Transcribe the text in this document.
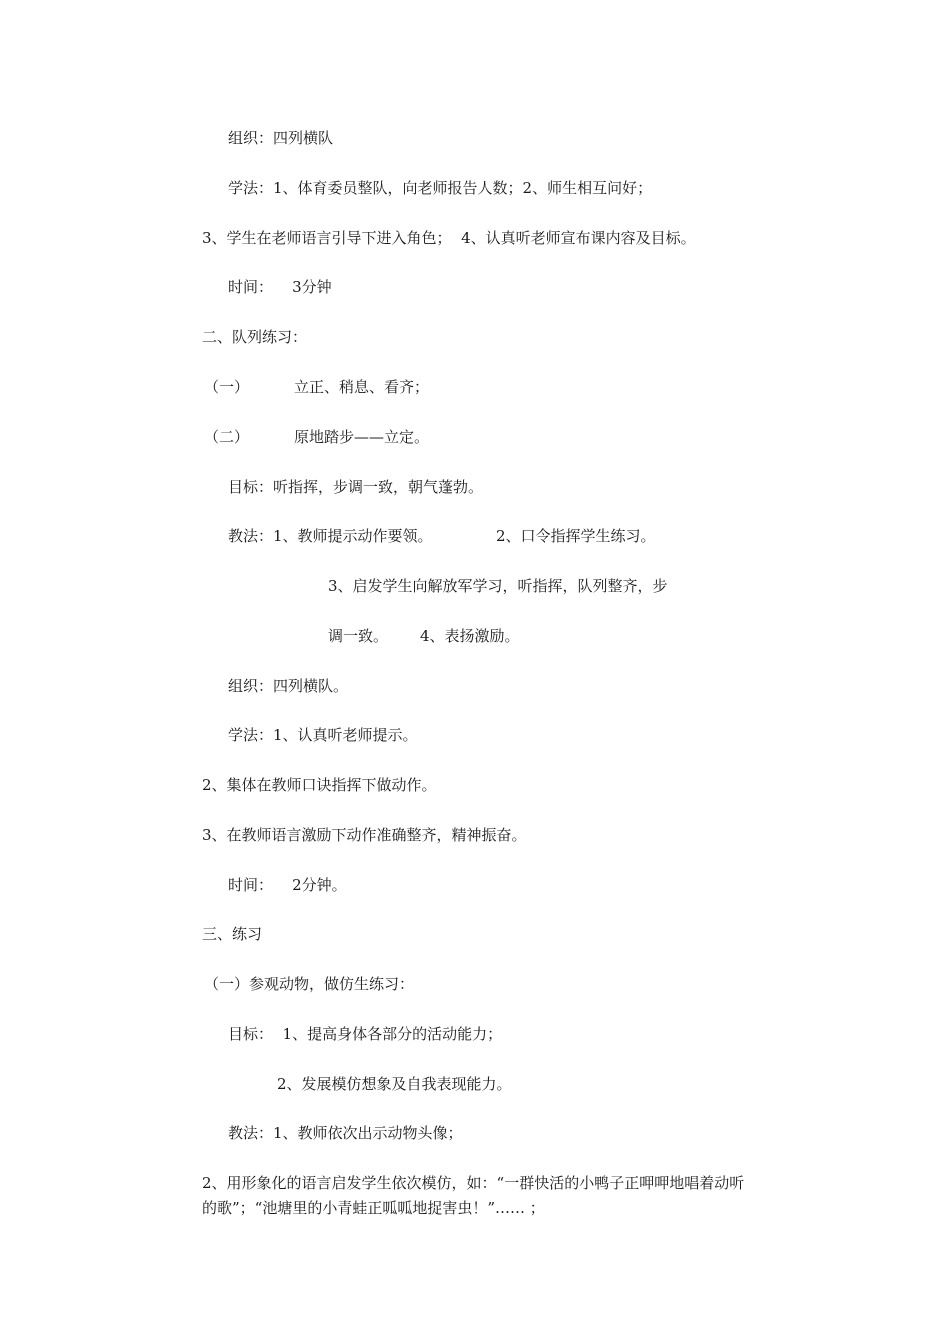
组织：四列横队
学法：1、体育委员整队，向老师报告人数；2、师生相互问好；
3、学生在老师语言引导下进入角色；  4、认真听老师宣布课内容及目标。
时间：    3分钟
二、队列练习：
（一）	立正、稍息、看齐；
（二）	原地踏步——立定。
目标：听指挥，步调一致，朝气蓬勃。
教法：1、教师提示动作要领。	2、口令指挥学生练习。
3、启发学生向解放军学习，听指挥，队列整齐，步
调一致。 4、表扬激励。
组织：四列横队。
学法：1、认真听老师提示。
2、集体在教师口诀指挥下做动作。
3、在教师语言激励下动作准确整齐，精神振奋。
时间：    2分钟。
三、练习
（一）参观动物，做仿生练习：
目标：  1、提高身体各部分的活动能力；
2、发展模仿想象及自我表现能力。
教法：1、教师依次出示动物头像；
2、用形象化的语言启发学生依次模仿，如：“一群快活的小鸭子正呷呷地唱着动听
的歌”；“池塘里的小青蛙正呱呱地捉害虫！”…… ；
